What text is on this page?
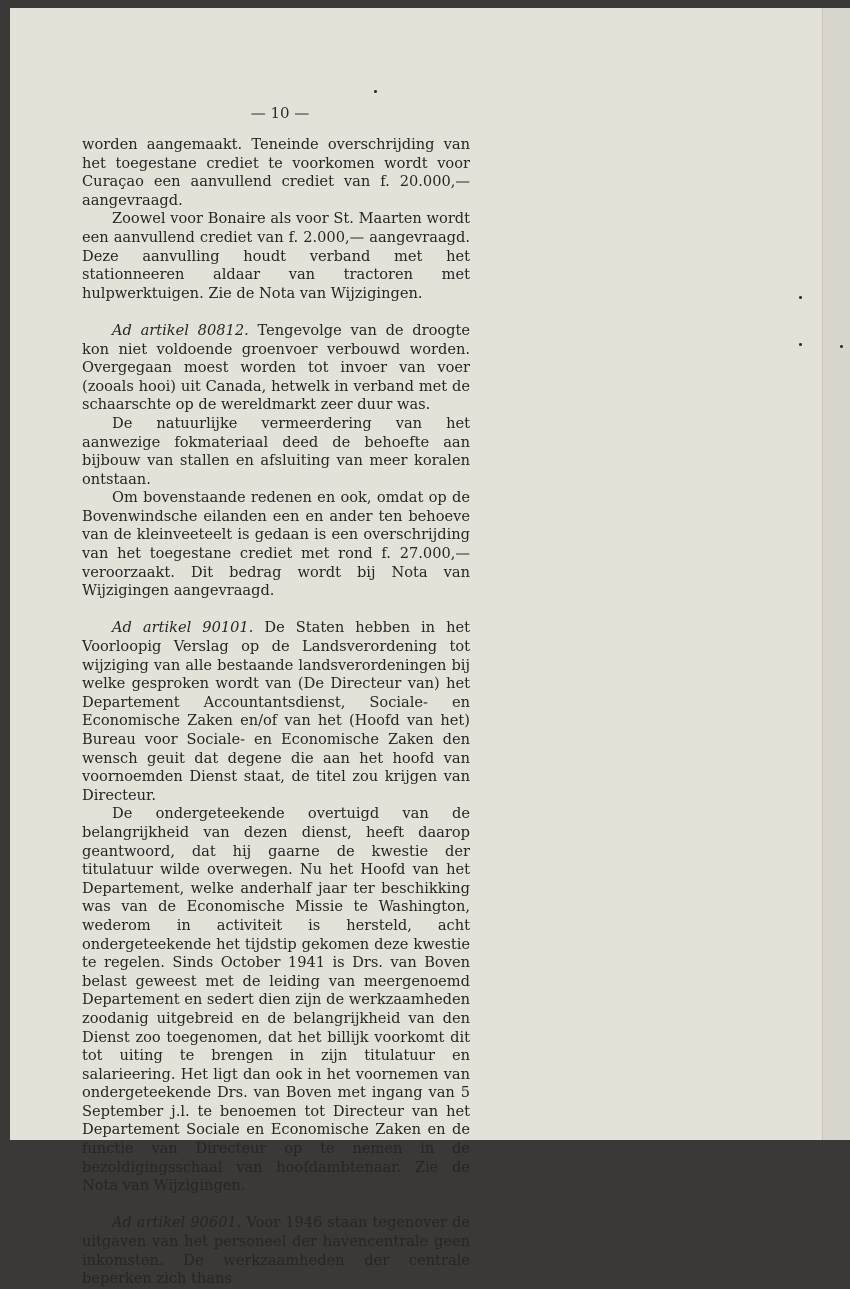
— 10 —

worden aangemaakt. Teneinde overschrijding van het toegestane crediet te voorkomen wordt voor Curaçao een aanvullend crediet van f. 20.000,— aangevraagd.

Zoowel voor Bonaire als voor St. Maarten wordt een aanvullend crediet van f. 2.000,— aangevraagd. Deze aanvulling houdt verband met het stationneeren aldaar van tractoren met hulpwerktuigen. Zie de Nota van Wijzigingen.

Ad artikel 80812. Tengevolge van de droogte kon niet voldoende groenvoer verbouwd worden. Overgegaan moest worden tot invoer van voer (zooals hooi) uit Canada, hetwelk in verband met de schaarschte op de wereldmarkt zeer duur was.

De natuurlijke vermeerdering van het aanwezige fokmateriaal deed de behoefte aan bijbouw van stallen en afsluiting van meer koralen ontstaan.

Om bovenstaande redenen en ook, omdat op de Bovenwindsche eilanden een en ander ten behoeve van de kleinveeteelt is gedaan is een overschrijding van het toegestane crediet met rond f. 27.000,— veroorzaakt. Dit bedrag wordt bij Nota van Wijzigingen aangevraagd.

Ad artikel 90101. De Staten hebben in het Voorloopig Verslag op de Landsverordening tot wijziging van alle bestaande landsverordeningen bij welke gesproken wordt van (De Directeur van) het Departement Accountantsdienst, Sociale- en Economische Zaken en/of van het (Hoofd van het) Bureau voor Sociale- en Economische Zaken den wensch geuit dat degene die aan het hoofd van voornoemden Dienst staat, de titel zou krijgen van Directeur.

De ondergeteekende overtuigd van de belangrijkheid van dezen dienst, heeft daarop geantwoord, dat hij gaarne de kwestie der titulatuur wilde overwegen. Nu het Hoofd van het Departement, welke anderhalf jaar ter beschikking was van de Economische Missie te Washington, wederom in activiteit is hersteld, acht ondergeteekende het tijdstip gekomen deze kwestie te regelen. Sinds October 1941 is Drs. van Boven belast geweest met de leiding van meergenoemd Departement en sedert dien zijn de werkzaamheden zoodanig uitgebreid en de belangrijkheid van den Dienst zoo toegenomen, dat het billijk voorkomt dit tot uiting te brengen in zijn titulatuur en salarieering. Het ligt dan ook in het voornemen van ondergeteekende Drs. van Boven met ingang van 5 September j.l. te benoemen tot Directeur van het Departement Sociale en Economische Zaken en de functie van Directeur op te nemen in de bezoldigingsschaal van hoofdambtenaar. Zie de Nota van Wijzigingen.

Ad artikel 90601. Voor 1946 staan tegenover de uitgaven van het personeel der havencentrale geen inkomsten. De werkzaamheden der centrale beperken zich thans
